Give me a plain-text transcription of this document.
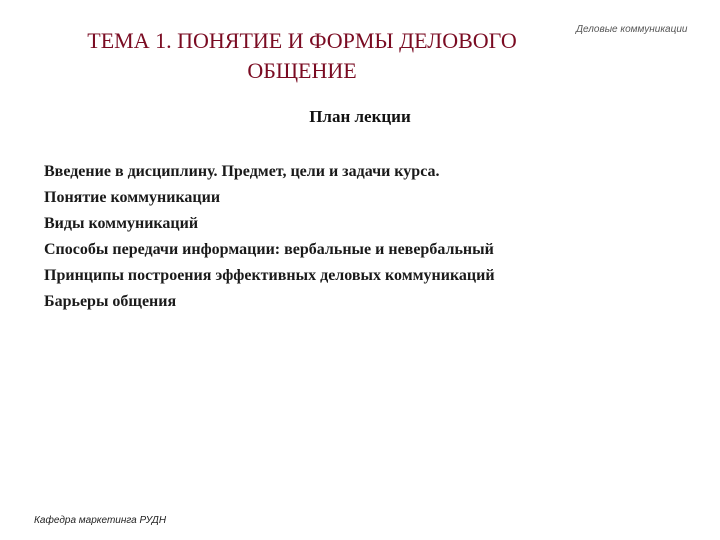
ТЕМА 1. ПОНЯТИЕ И ФОРМЫ ДЕЛОВОГО
ОБЩЕНИЕ

Деловые коммуникации

План лекции
Введение в дисциплину. Предмет, цели и задачи курса.
Понятие коммуникации
Виды коммуникаций
Способы передачи информации: вербальные и невербальный
Принципы построения эффективных деловых коммуникаций
Барьеры общения

Кафедра маркетинга РУДН
